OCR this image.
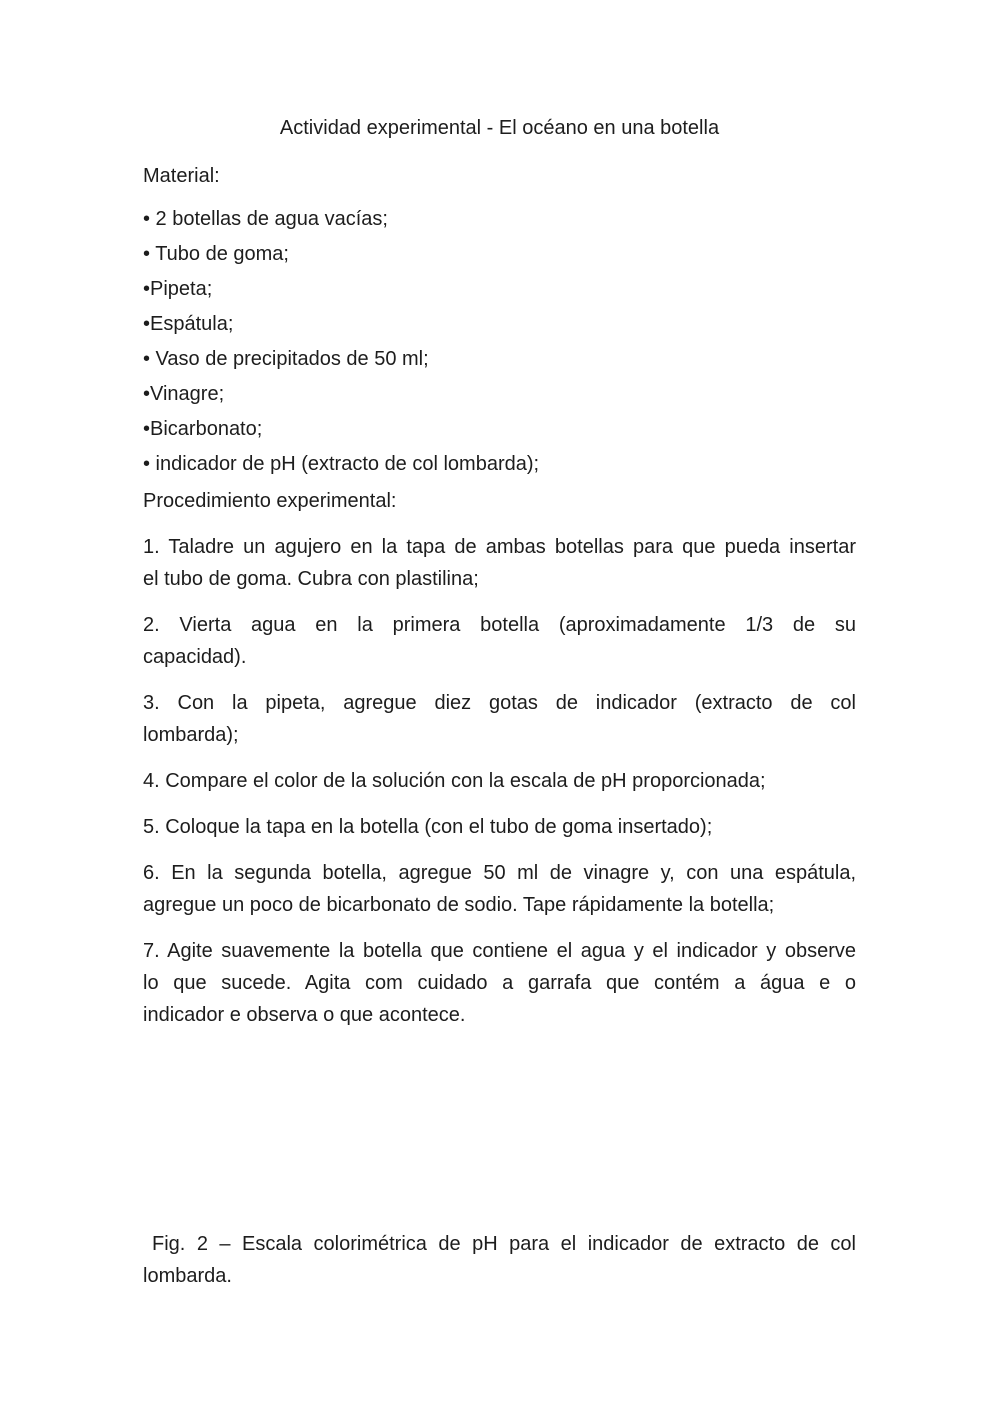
Actividad experimental - El océano en una botella
Material:
• 2 botellas de agua vacías;
• Tubo de goma;
•Pipeta;
•Espátula;
• Vaso de precipitados de 50 ml;
•Vinagre;
•Bicarbonato;
• indicador de pH (extracto de col lombarda);
Procedimiento experimental:

1. Taladre un agujero en la tapa de ambas botellas para que pueda insertar
el tubo de goma. Cubra con plastilina;

2. Vierta agua en la primera botella (aproximadamente 1/3 de su
capacidad).

3. Con la pipeta, agregue diez gotas de indicador (extracto de col
lombarda);

4. Compare el color de la solución con la escala de pH proporcionada;

5. Coloque la tapa en la botella (con el tubo de goma insertado);

6. En la segunda botella, agregue 50 ml de vinagre y, con una espátula,
agregue un poco de bicarbonato de sodio. Tape rápidamente la botella;

7. Agite suavemente la botella que contiene el agua y el indicador y observe
lo que sucede. Agita com cuidado a garrafa que contém a água e o
indicador e observa o que acontece.

Fig. 2 – Escala colorimétrica de pH para el indicador de extracto de col
lombarda.
